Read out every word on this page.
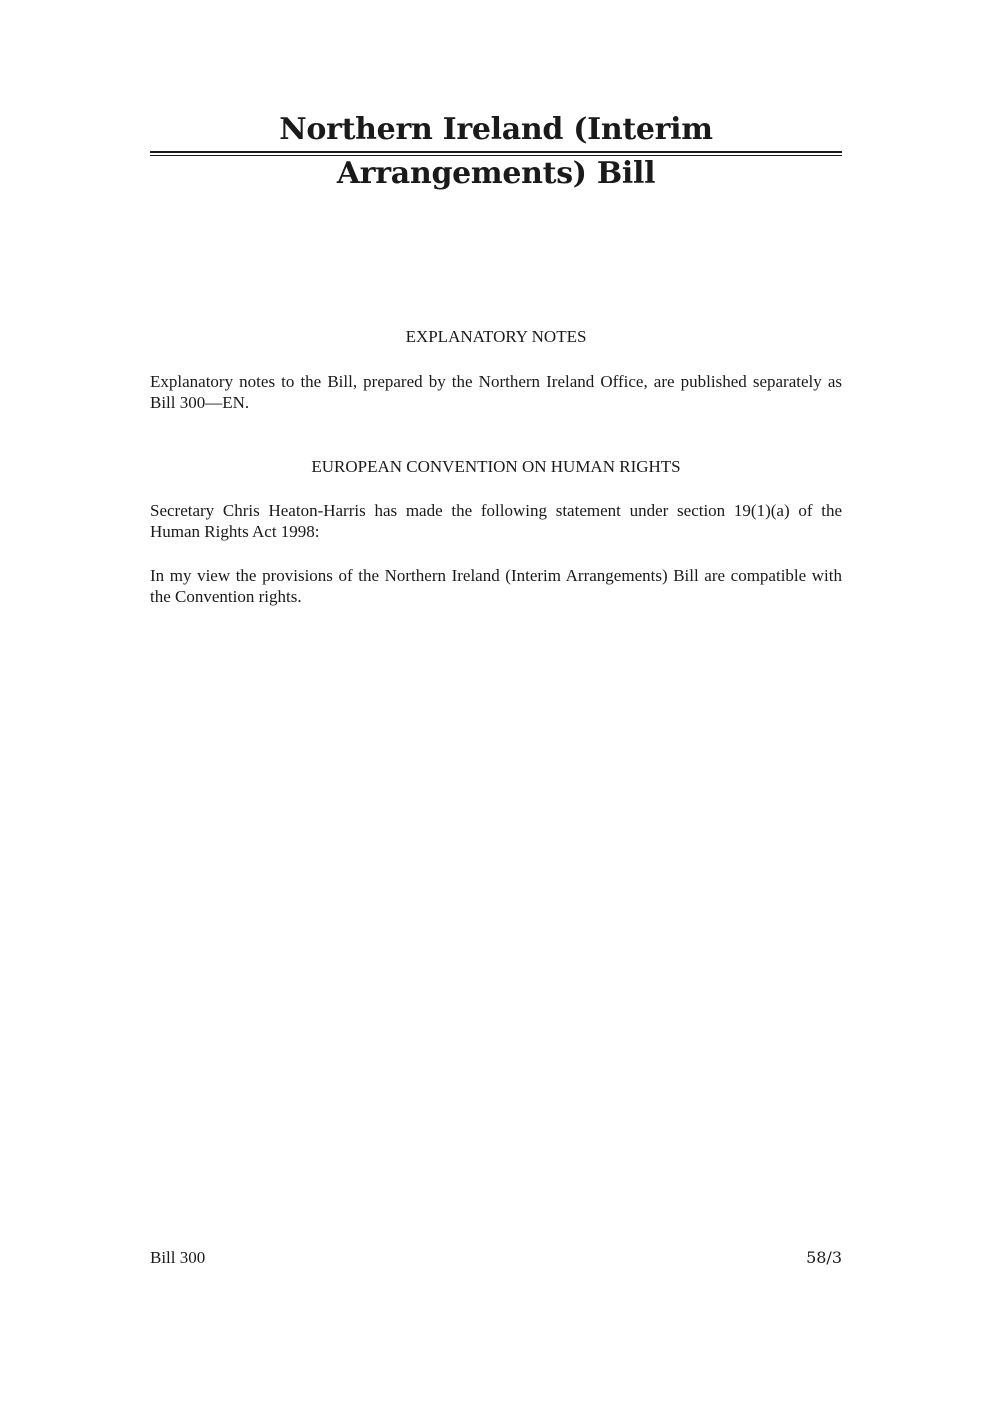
Northern Ireland (Interim Arrangements) Bill
EXPLANATORY NOTES

Explanatory notes to the Bill, prepared by the Northern Ireland Office, are published separately as Bill 300—EN.

EUROPEAN CONVENTION ON HUMAN RIGHTS

Secretary Chris Heaton-Harris has made the following statement under section 19(1)(a) of the Human Rights Act 1998:

In my view the provisions of the Northern Ireland (Interim Arrangements) Bill are compatible with the Convention rights.

Bill 300	58/3
